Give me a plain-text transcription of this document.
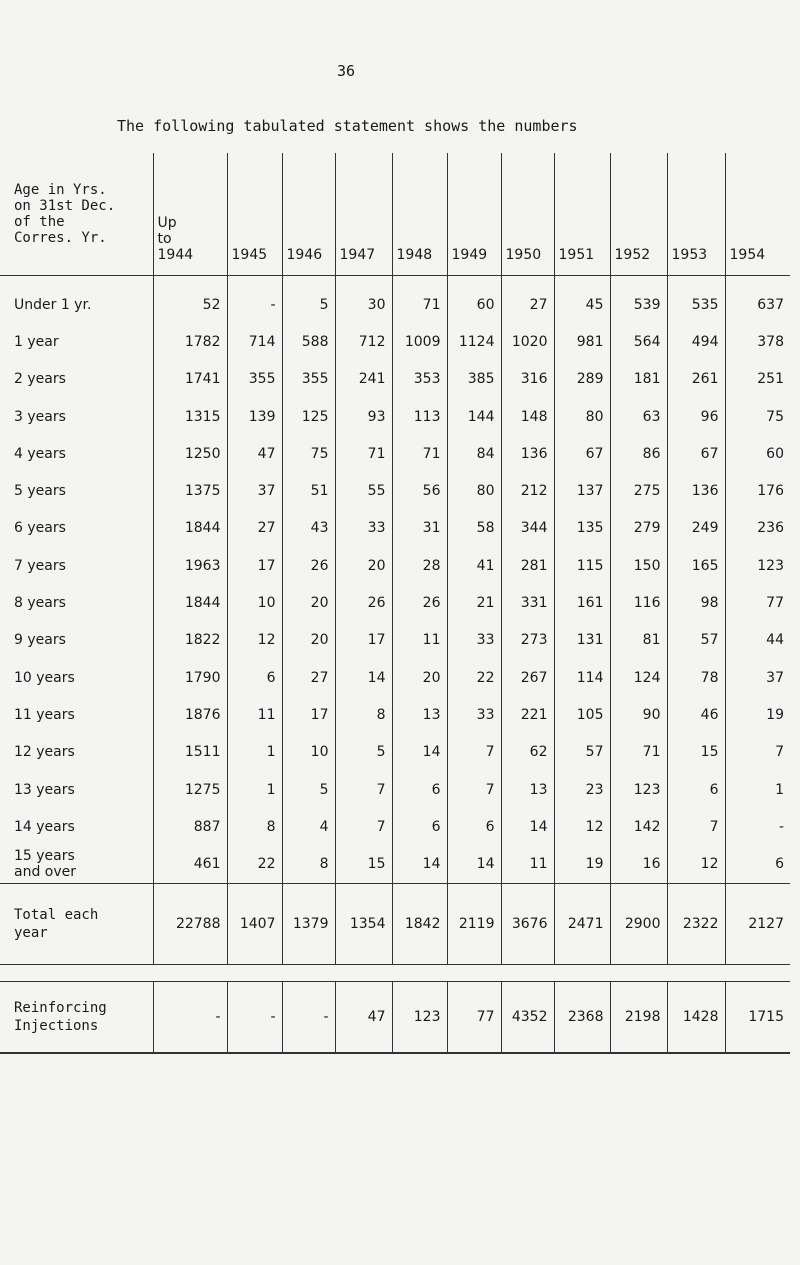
36
The following tabulated statement shows the numbers
Age in Yrs.
on 31st Dec.
of the
Corres. Yr.	Up
to
1944	1945	1946	1947	1948	1949	1950	1951	1952	1953	1954

Under 1 yr.	52	-	5	30	71	60	27	45	539	535	637

1 year	1782	714	588	712	1009	1124	1020	981	564	494	378

2 years	1741	355	355	241	353	385	316	289	181	261	251

3 years	1315	139	125	93	113	144	148	80	63	96	75

4 years	1250	47	75	71	71	84	136	67	86	67	60

5 years	1375	37	51	55	56	80	212	137	275	136	176

6 years	1844	27	43	33	31	58	344	135	279	249	236

7 years	1963	17	26	20	28	41	281	115	150	165	123

8 years	1844	10	20	26	26	21	331	161	116	98	77

9 years	1822	12	20	17	11	33	273	131	81	57	44

10 years	1790	6	27	14	20	22	267	114	124	78	37

11 years	1876	11	17	8	13	33	221	105	90	46	19

12 years	1511	1	10	5	14	7	62	57	71	15	7

13 years	1275	1	5	7	6	7	13	23	123	6	1

14 years	887	8	4	7	6	6	14	12	142	7	-

15 years
and over	461	22	8	15	14	14	11	19	16	12	6

Total each
year	22788	1407	1379	1354	1842	2119	3676	2471	2900	2322	2127

Reinforcing
Injections	-	-	-	47	123	77	4352	2368	2198	1428	1715
